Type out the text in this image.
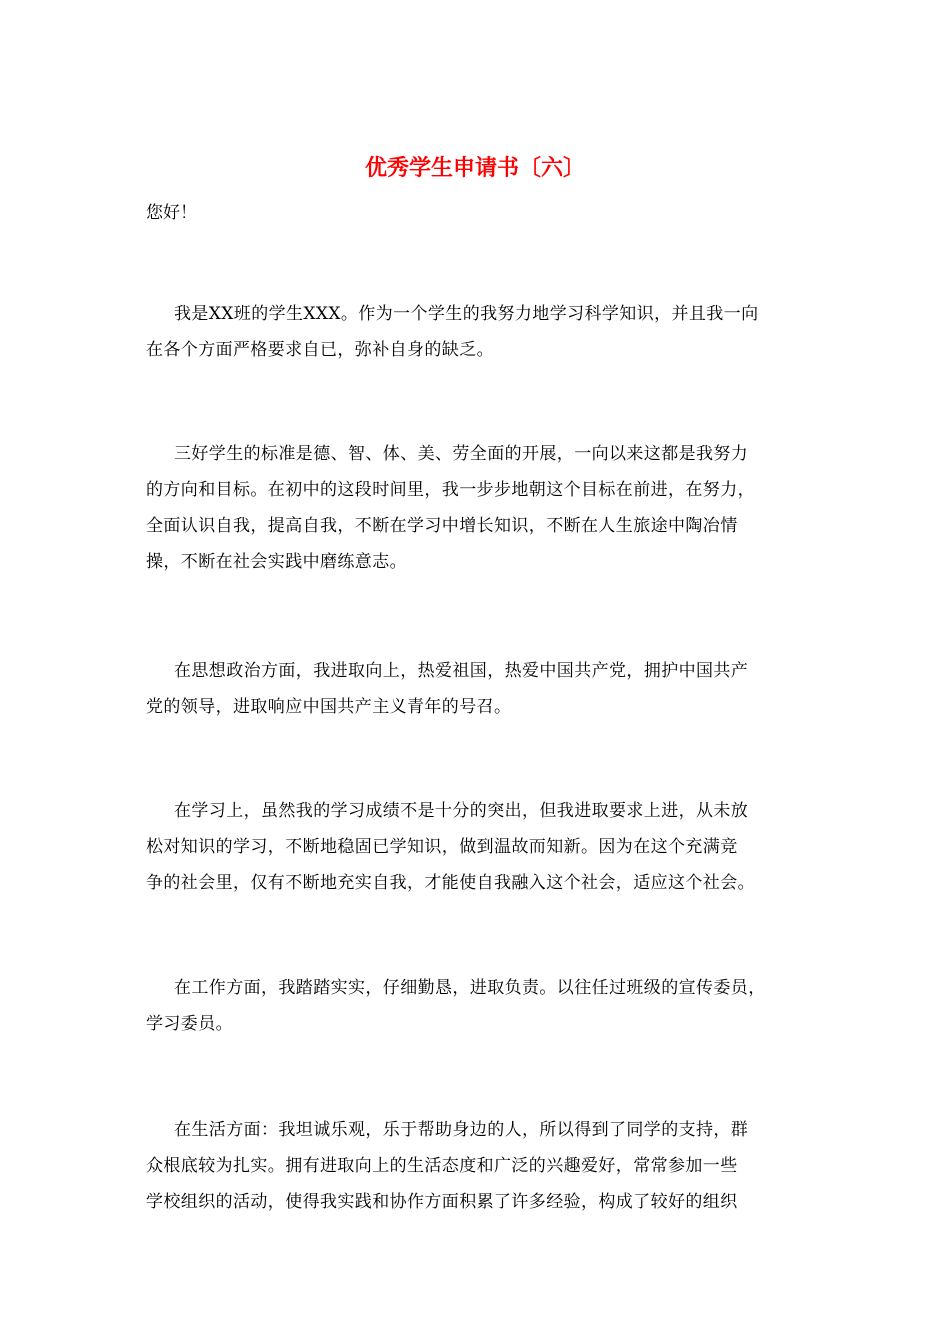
优秀学生申请书〔六〕
您好！
我是XX班的学生XXX。作为一个学生的我努力地学习科学知识，并且我一向
在各个方面严格要求自已，弥补自身的缺乏。
三好学生的标准是德、智、体、美、劳全面的开展，一向以来这都是我努力
的方向和目标。在初中的这段时间里，我一步步地朝这个目标在前进，在努力，
全面认识自我，提高自我，不断在学习中增长知识，不断在人生旅途中陶冶情
操，不断在社会实践中磨练意志。
在思想政治方面，我进取向上，热爱祖国，热爱中国共产党，拥护中国共产
党的领导，进取响应中国共产主义青年的号召。
在学习上，虽然我的学习成绩不是十分的突出，但我进取要求上进，从未放
松对知识的学习，不断地稳固已学知识，做到温故而知新。因为在这个充满竞
争的社会里，仅有不断地充实自我，才能使自我融入这个社会，适应这个社会。
在工作方面，我踏踏实实，仔细勤恳，进取负责。以往任过班级的宣传委员，
学习委员。
在生活方面：我坦诚乐观，乐于帮助身边的人，所以得到了同学的支持，群
众根底较为扎实。拥有进取向上的生活态度和广泛的兴趣爱好，常常参加一些
学校组织的活动，使得我实践和协作方面积累了许多经验，构成了较好的组织
